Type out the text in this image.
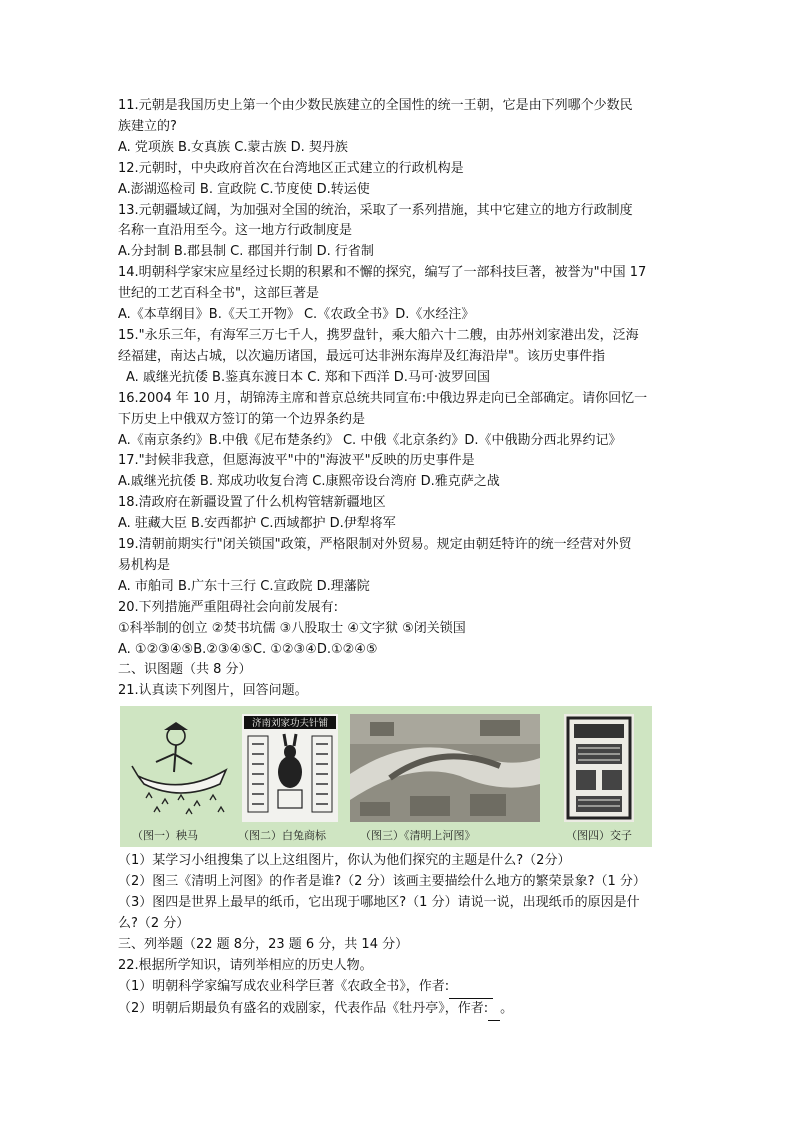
11.元朝是我国历史上第一个由少数民族建立的全国性的统一王朝，它是由下列哪个少数民
族建立的?
A. 党项族 B.女真族 C.蒙古族 D. 契丹族
12.元朝时，中央政府首次在台湾地区正式建立的行政机构是
A.澎湖巡检司 B. 宣政院 C.节度使 D.转运使
13.元朝疆域辽阔，为加强对全国的统治，采取了一系列措施，其中它建立的地方行政制度
名称一直沿用至今。这一地方行政制度是
A.分封制 B.郡县制 C. 郡国并行制 D. 行省制
14.明朝科学家宋应星经过长期的积累和不懈的探究，编写了一部科技巨著，被誉为"中国 17
世纪的工艺百科全书"，这部巨著是
A.《本草纲目》B.《天工开物》 C.《农政全书》D.《水经注》
15."永乐三年，有海军三万七千人，携罗盘针，乘大船六十二艘，由苏州刘家港出发，泛海
经福建，南达占城，以次遍历诸国，最远可达非洲东海岸及红海沿岸"。该历史事件指
A. 戚继光抗倭 B.鉴真东渡日本 C. 郑和下西洋 D.马可·波罗回国
16.2004 年 10 月，胡锦涛主席和普京总统共同宣布:中俄边界走向已全部确定。请你回忆一
下历史上中俄双方签订的第一个边界条约是
A.《南京条约》B.中俄《尼布楚条约》 C. 中俄《北京条约》D.《中俄勘分西北界约记》
17."封候非我意，但愿海波平"中的"海波平"反映的历史事件是
A.戚继光抗倭 B. 郑成功收复台湾 C.康熙帝设台湾府 D.雅克萨之战
18.清政府在新疆设置了什么机构管辖新疆地区
A. 驻藏大臣 B.安西都护 C.西域都护 D.伊犁将军
19.清朝前期实行"闭关锁国"政策，严格限制对外贸易。规定由朝廷特许的统一经营对外贸
易机构是
A. 市舶司 B.广东十三行 C.宣政院 D.理藩院
20.下列措施严重阻碍社会向前发展有:
①科举制的创立 ②焚书坑儒 ③八股取士 ④文字狱 ⑤闭关锁国
A. ①②③④⑤B.②③④⑤C. ①②③④D.①②④⑤
二、识图题（共 8 分）
21.认真读下列图片，回答问题。
济南刘家功夫针铺
（图一）秧马	（图二）白兔商标	（图三）《清明上河图》	（图四）交子
（1）某学习小组搜集了以上这组图片，你认为他们探究的主题是什么?（2分）
（2）图三《清明上河图》的作者是谁?（2 分）该画主要描绘什么地方的繁荣景象?（1 分）
（3）图四是世界上最早的纸币，它出现于哪地区?（1 分）请说一说，出现纸币的原因是什
么?（2 分）
三、列举题（22 题 8分，23 题 6 分，共 14 分）
22.根据所学知识，请列举相应的历史人物。
（1）明朝科学家编写成农业科学巨著《农政全书》，作者:
（2）明朝后期最负有盛名的戏剧家，代表作品《牡丹亭》，作者: 。
